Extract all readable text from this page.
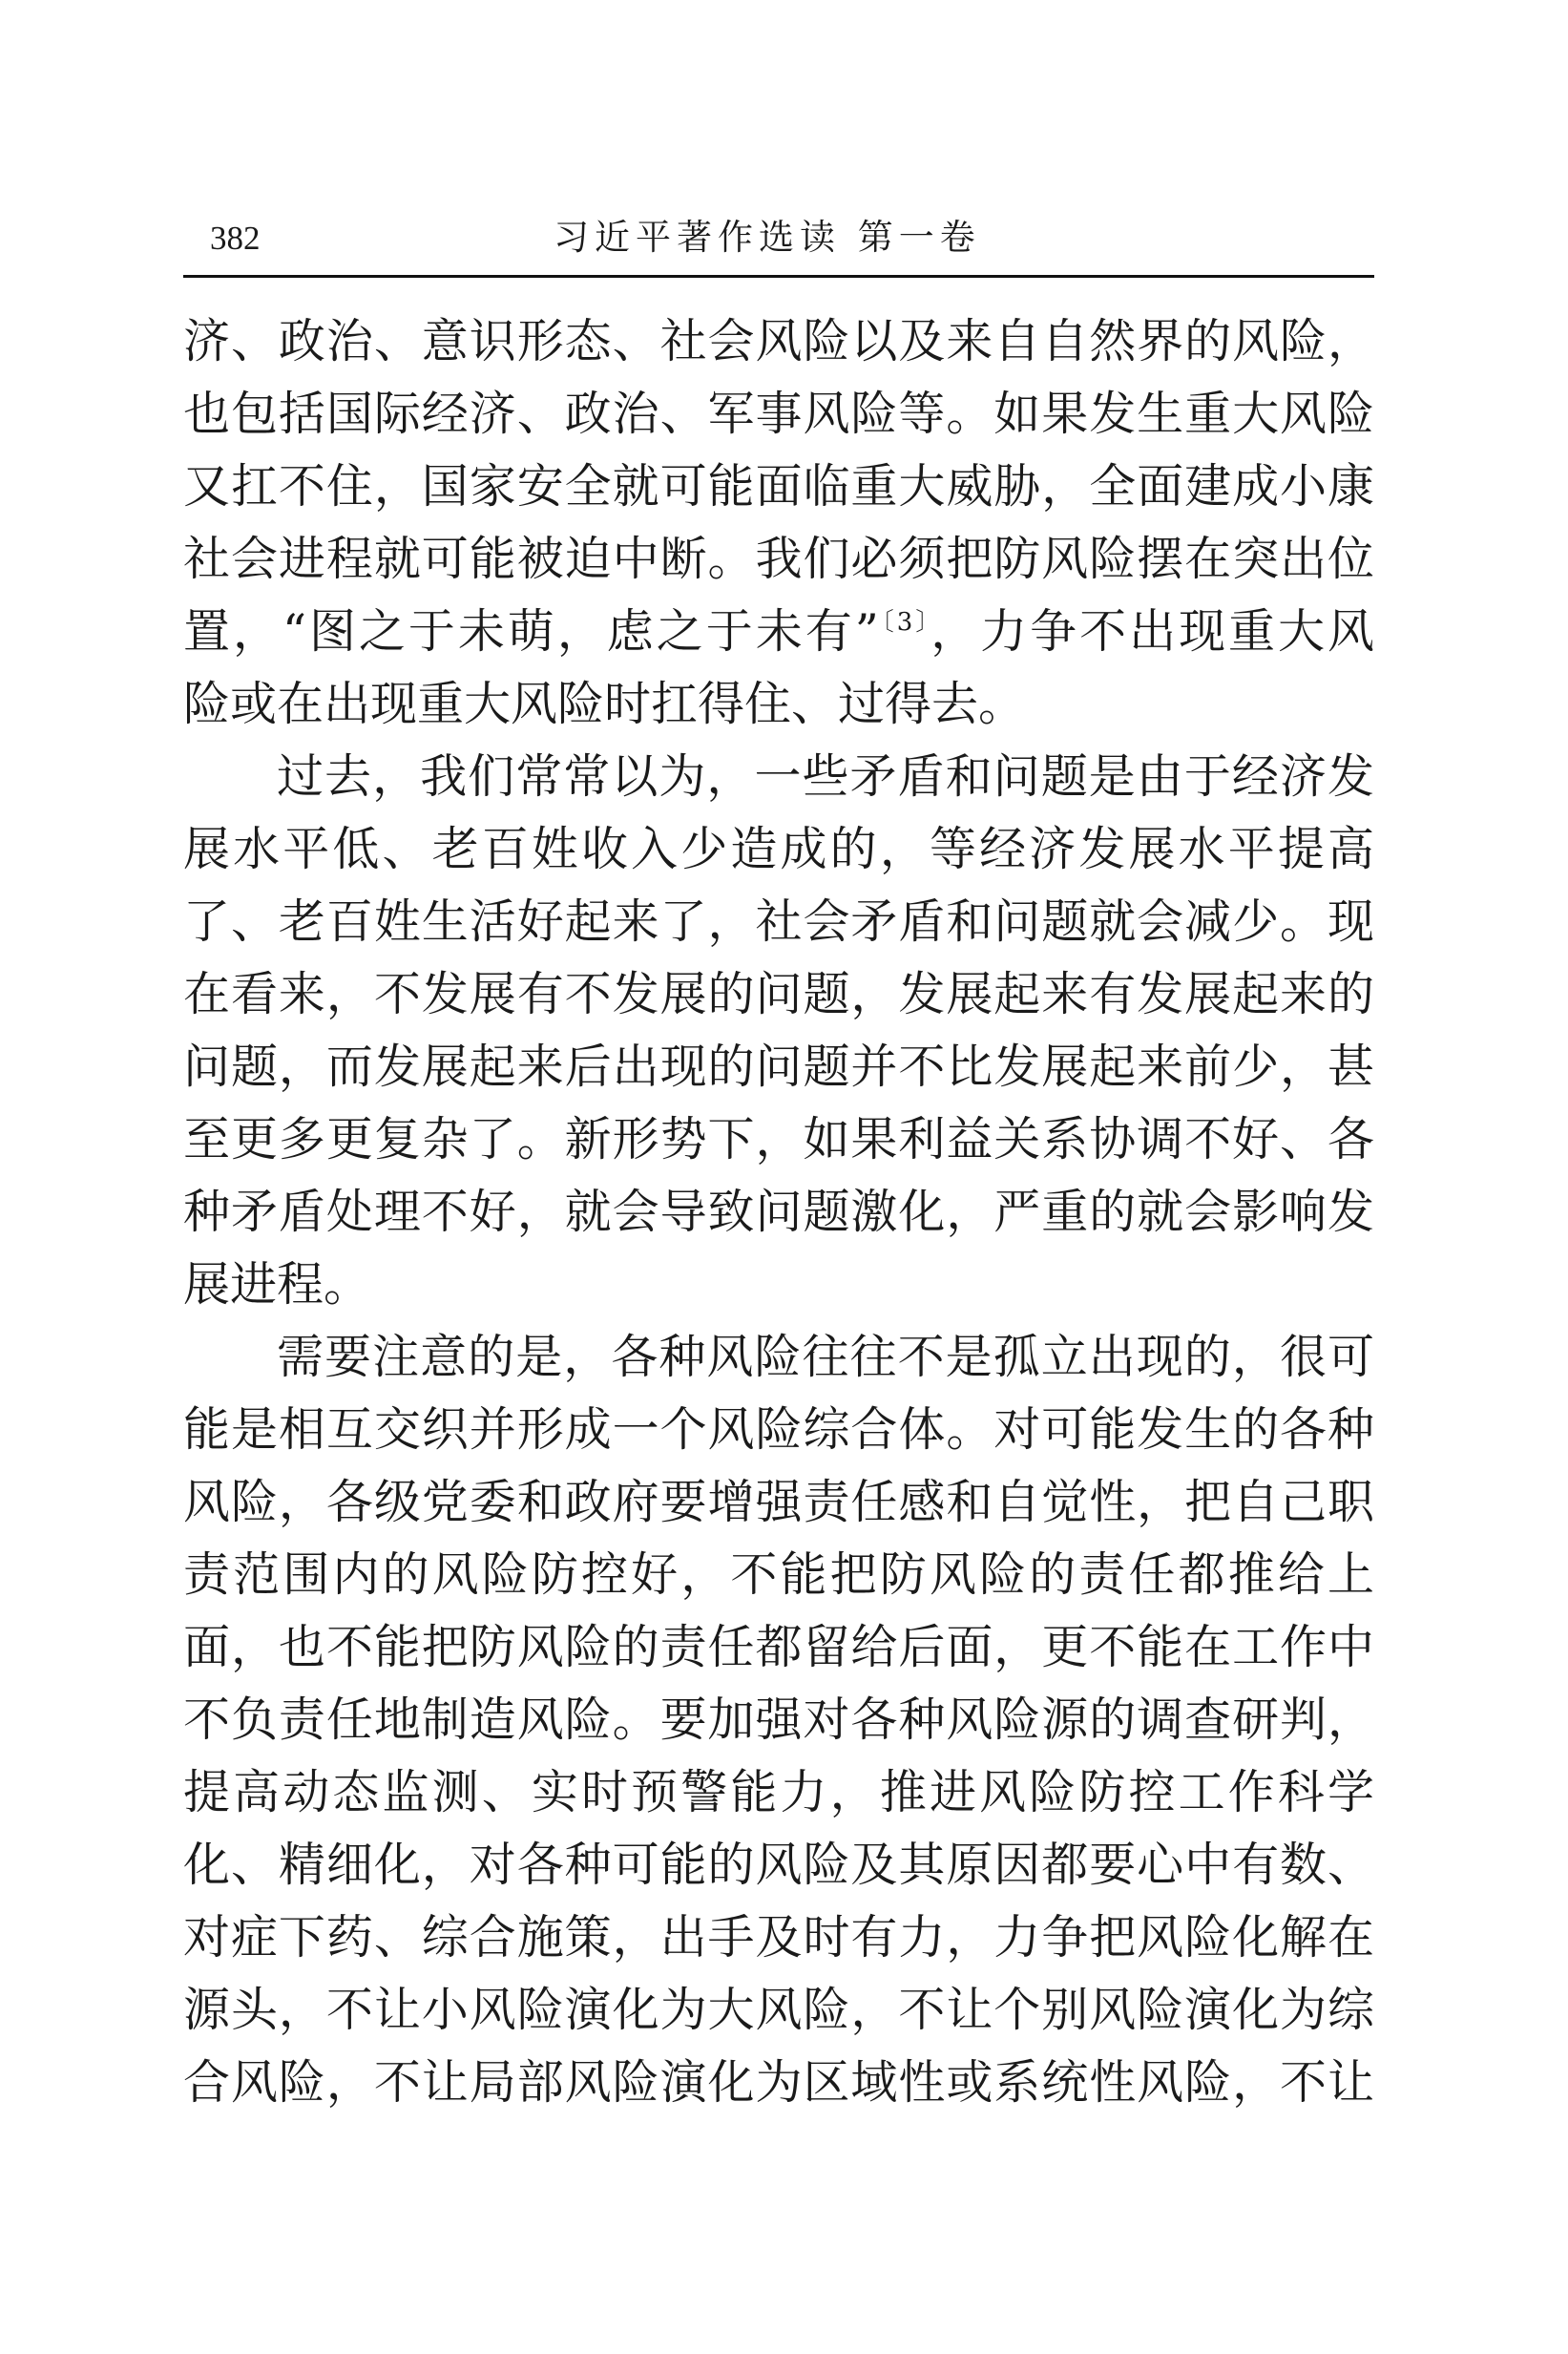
382	习近平著作选读 第一卷
济、政治、意识形态、社会风险以及来自自然界的风险，
也包括国际经济、政治、军事风险等。如果发生重大风险
又扛不住，国家安全就可能面临重大威胁，全面建成小康
社会进程就可能被迫中断。我们必须把防风险摆在突出位
置，“图之于未萌，虑之于未有”$^{〔3〕}$，力争不出现重大风
险或在出现重大风险时扛得住、过得去。
过去，我们常常以为，一些矛盾和问题是由于经济发
展水平低、老百姓收入少造成的，等经济发展水平提高
了、老百姓生活好起来了，社会矛盾和问题就会减少。现
在看来，不发展有不发展的问题，发展起来有发展起来的
问题，而发展起来后出现的问题并不比发展起来前少，甚
至更多更复杂了。新形势下，如果利益关系协调不好、各
种矛盾处理不好，就会导致问题激化，严重的就会影响发
展进程。
需要注意的是，各种风险往往不是孤立出现的，很可
能是相互交织并形成一个风险综合体。对可能发生的各种
风险，各级党委和政府要增强责任感和自觉性，把自己职
责范围内的风险防控好，不能把防风险的责任都推给上
面，也不能把防风险的责任都留给后面，更不能在工作中
不负责任地制造风险。要加强对各种风险源的调查研判，
提高动态监测、实时预警能力，推进风险防控工作科学
化、精细化，对各种可能的风险及其原因都要心中有数、
对症下药、综合施策，出手及时有力，力争把风险化解在
源头，不让小风险演化为大风险，不让个别风险演化为综
合风险，不让局部风险演化为区域性或系统性风险，不让
